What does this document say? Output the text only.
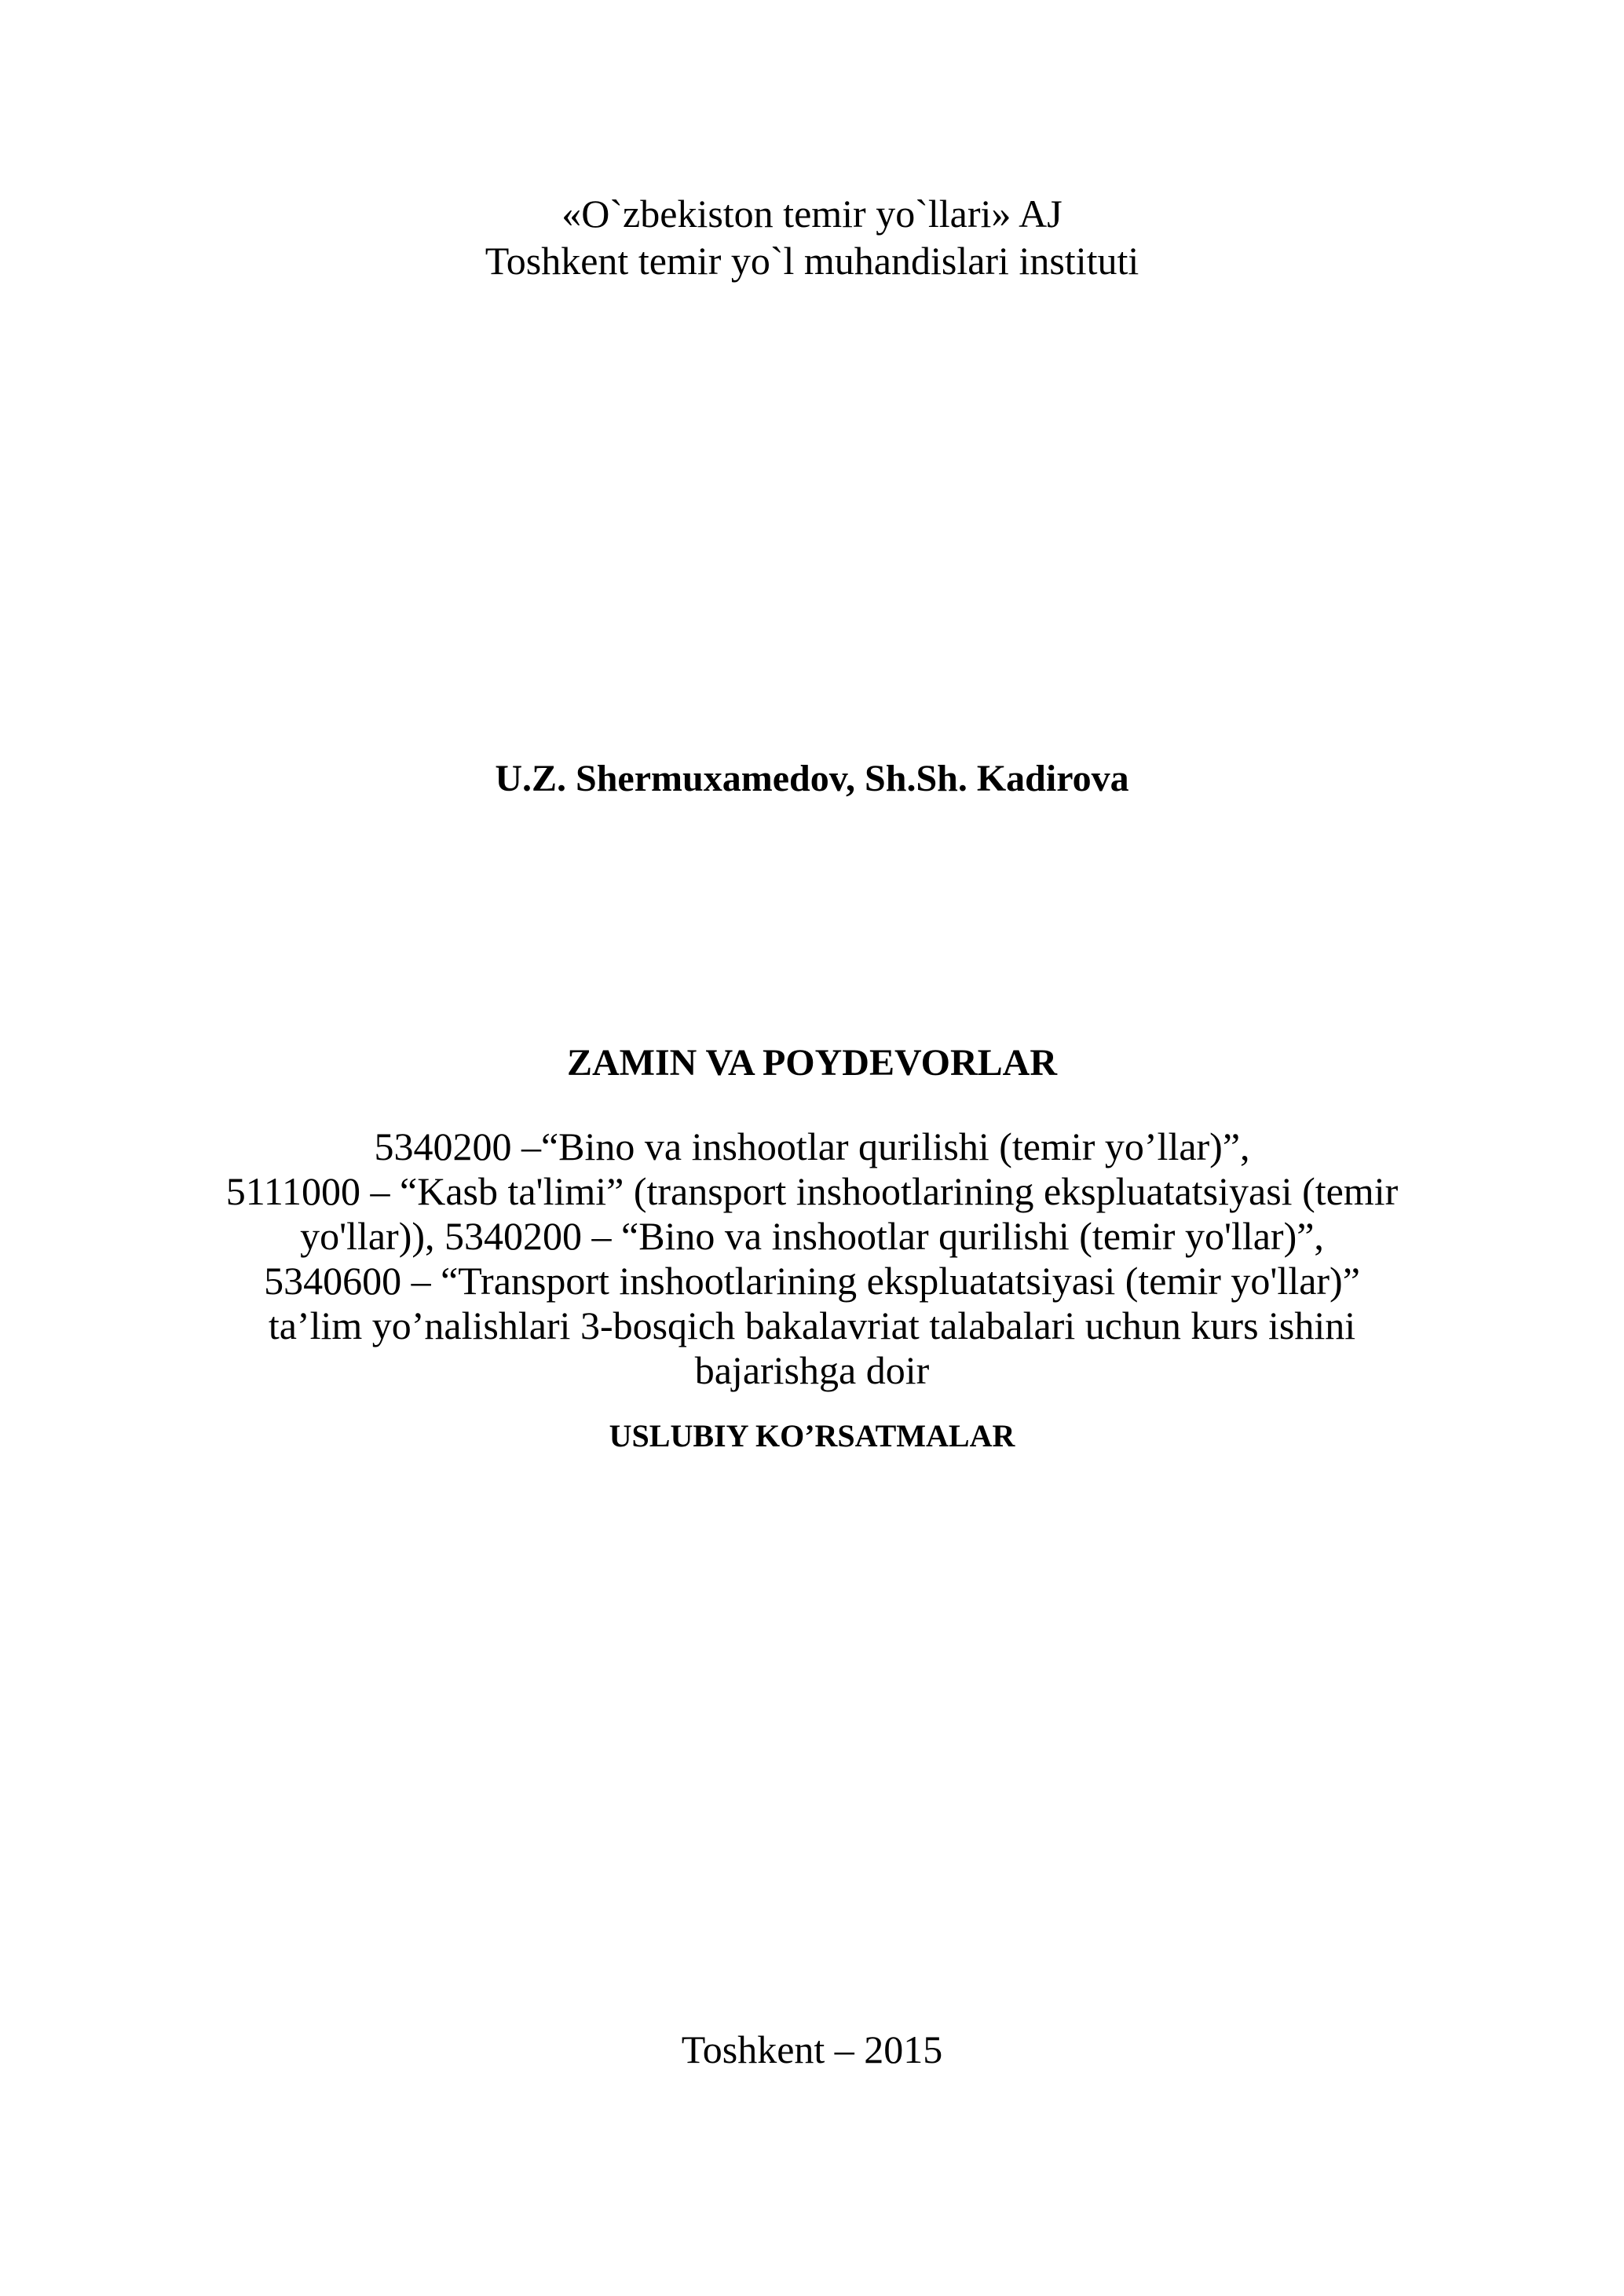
«O`zbekiston temir yo`llari» AJ
Toshkent temir yo`l muhandislari instituti
U.Z. Shermuxamedov, Sh.Sh. Kadirova
ZAMIN VA POYDEVORLAR
5340200 –“Bino va inshootlar qurilishi (temir yo’llar)”,
5111000 – “Kasb ta'limi” (transport inshootlarining ekspluatatsiyasi (temir
yo'llar)), 5340200 – “Bino va inshootlar qurilishi (temir yo'llar)”,
5340600 – “Transport inshootlarining ekspluatatsiyasi (temir yo'llar)”
ta’lim yo’nalishlari 3-bosqich bakalavriat talabalari uchun kurs ishini
bajarishga doir
USLUBIY KO’RSATMALAR
Toshkent – 2015
